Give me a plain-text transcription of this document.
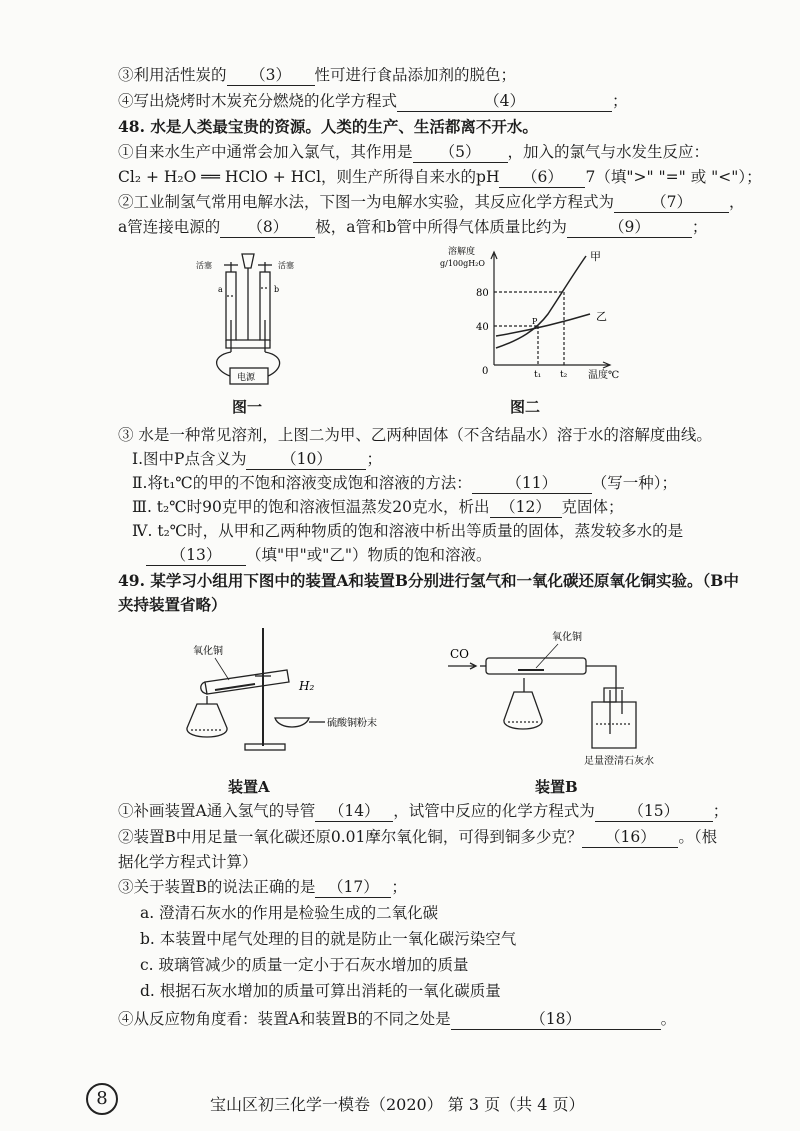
③利用活性炭的 （3） 性可进行食品添加剂的脱色；
④写出烧烤时木炭充分燃烧的化学方程式	（4）	；
48. 水是人类最宝贵的资源。人类的生产、生活都离不开水。
①自来水生产中通常会加入氯气，其作用是 （5） ，加入的氯气与水发生反应：
Cl₂ + H₂O ══ HClO + HCl，则生产所得自来水的pH （6） 7（填">" "=" 或 "<"）；
②工业制氢气常用电解水法，下图一为电解水实验，其反应化学方程式为 （7） ，
a管连接电源的 （8） 极，a管和b管中所得气体质量比约为	（9）	；
活塞	活塞
a	b
电源
图一
溶解度
g/100gH₂O
80
40
0	t₁ t₂ 温度℃
甲
乙
P
图二
③ 水是一种常见溶剂，上图二为甲、乙两种固体（不含结晶水）溶于水的溶解度曲线。
Ⅰ.图中P点含义为 （10） ；
Ⅱ.将t₁℃的甲的不饱和溶液变成饱和溶液的方法： （11） （写一种）；
Ⅲ. t₂℃时90克甲的饱和溶液恒温蒸发20克水，析出 （12） 克固体；
Ⅳ. t₂℃时，从甲和乙两种物质的饱和溶液中析出等质量的固体，蒸发较多水的是
（13） （填"甲"或"乙"）物质的饱和溶液。
49. 某学习小组用下图中的装置A和装置B分别进行氢气和一氧化碳还原氧化铜实验。（B中
夹持装置省略）
氧化铜
H₂
硫酸铜粉末
装置A
CO
氧化铜
足量澄清石灰水
装置B
①补画装置A通入氢气的导管 （14） ，试管中反应的化学方程式为 （15） ；
②装置B中用足量一氧化碳还原0.01摩尔氧化铜，可得到铜多少克？ （16） 。（根
据化学方程式计算）
③关于装置B的说法正确的是 （17） ；
a. 澄清石灰水的作用是检验生成的二氧化碳
b. 本装置中尾气处理的目的就是防止一氧化碳污染空气
c. 玻璃管减少的质量一定小于石灰水增加的质量
d. 根据石灰水增加的质量可算出消耗的一氧化碳质量
④从反应物角度看：装置A和装置B的不同之处是	（18）	。
8	宝山区初三化学一模卷（2020） 第 3 页（共 4 页）
